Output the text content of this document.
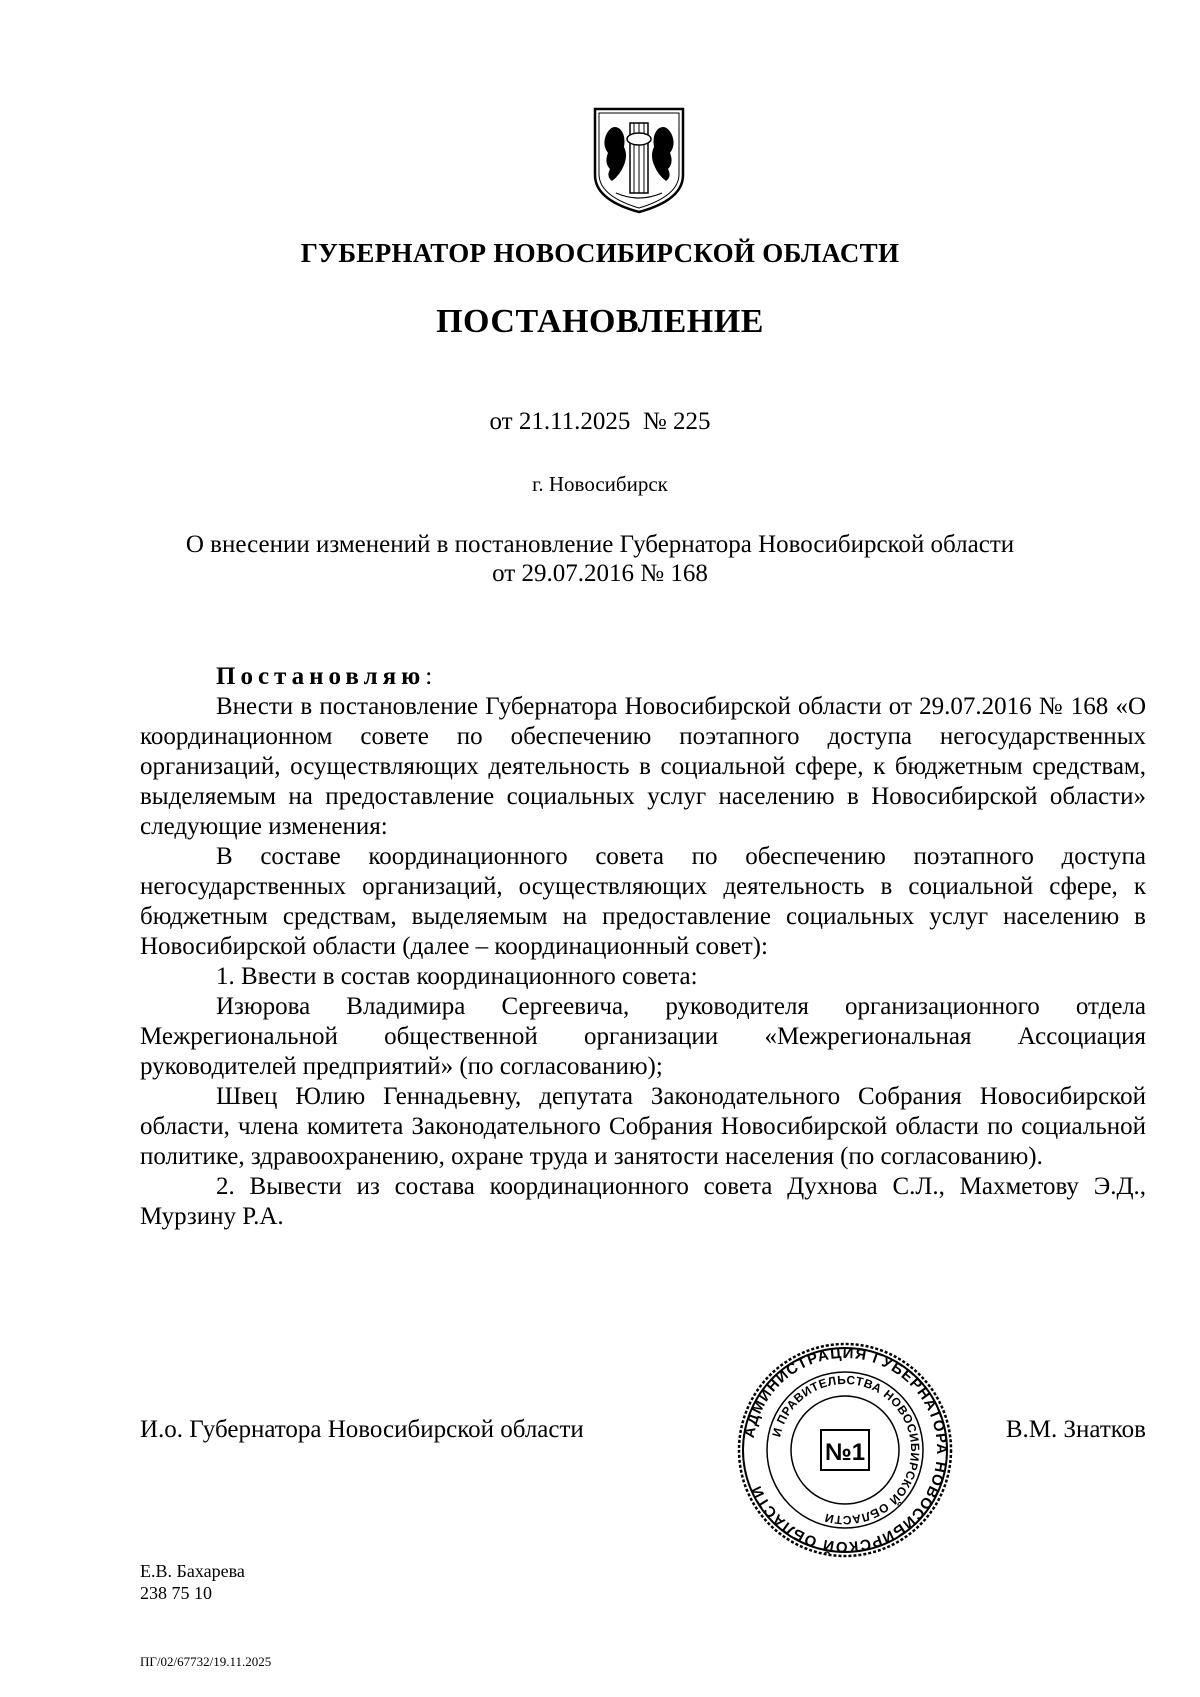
ГУБЕРНАТОР НОВОСИБИРСКОЙ ОБЛАСТИ
ПОСТАНОВЛЕНИЕ
от 21.11.2025  № 225
г. Новосибирск
О внесении изменений в постановление Губернатора Новосибирской области
от 29.07.2016 № 168

Постановляю:

Внести в постановление Губернатора Новосибирской области от 29.07.2016 № 168 «О координационном совете по обеспечению поэтапного доступа негосударственных организаций, осуществляющих деятельность в социальной сфере, к бюджетным средствам, выделяемым на предоставление социальных услуг населению в Новосибирской области» следующие изменения:

В составе координационного совета по обеспечению поэтапного доступа негосударственных организаций, осуществляющих деятельность в социальной сфере, к бюджетным средствам, выделяемым на предоставление социальных услуг населению в Новосибирской области (далее – координационный совет):

1. Ввести в состав координационного совета:

Изюрова Владимира Сергеевича, руководителя организационного отдела Межрегиональной общественной организации «Межрегиональная Ассоциация руководителей предприятий» (по согласованию);

Швец Юлию Геннадьевну, депутата Законодательного Собрания Новосибирской области, члена комитета Законодательного Собрания Новосибирской области по социальной политике, здравоохранению, охране труда и занятости населения (по согласованию).

2. Вывести из состава координационного совета Духнова С.Л., Махметову Э.Д., Мурзину Р.А.

И.о. Губернатора Новосибирской области	В.М. Знатков
АДМИНИСТРАЦИЯ ГУБЕРНАТОРА НОВОСИБИРСКОЙ ОБЛАСТИ
И ПРАВИТЕЛЬСТВА НОВОСИБИРСКОЙ ОБЛАСТИ
№1
Е.В. Бахарева
238 75 10
ПГ/02/67732/19.11.2025
